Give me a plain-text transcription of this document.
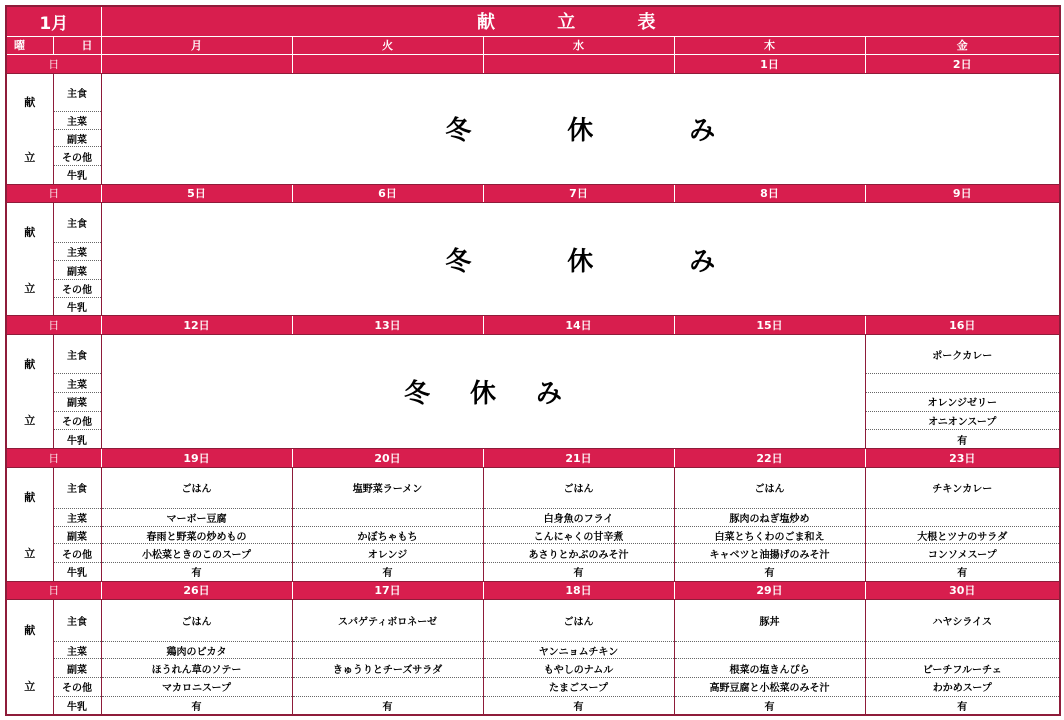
1月		献 立 表				
曜	日	月	火	水	木	金
日					1日	2日
献	主食	冬 休 み				
	主菜					
立	副菜					
	その他					
	牛乳					
日		5日	6日	7日	8日	9日
献	主食	冬 休 み				
	主菜					
立	副菜					
	その他					
	牛乳					
日		12日	13日	14日	15日	16日
献	主食	冬 休 み				ポークカレー
	主菜					
立	副菜					オレンジゼリー
	その他					オニオンスープ
	牛乳					有
日		19日	20日	21日	22日	23日
献	主食	ごはん	塩野菜ラーメン	ごはん	ごはん	チキンカレー
	主菜	マーボー豆腐		白身魚のフライ	豚肉のねぎ塩炒め	
立	副菜	春雨と野菜の炒めもの	かぼちゃもち	こんにゃくの甘辛煮	白菜とちくわのごま和え	大根とツナのサラダ
	その他	小松菜ときのこのスープ	オレンジ	あさりとかぶのみそ汁	キャベツと油揚げのみそ汁	コンソメスープ
	牛乳	有	有	有	有	有
日		26日	17日	18日	29日	30日
献	主食	ごはん	スパゲティボロネーゼ	ごはん	豚丼	ハヤシライス
	主菜	鶏肉のピカタ		ヤンニョムチキン		
立	副菜	ほうれん草のソテー	きゅうりとチーズサラダ	もやしのナムル	根菜の塩きんぴら	ピーチフルーチェ
	その他	マカロニスープ		たまごスープ	高野豆腐と小松菜のみそ汁	わかめスープ
	牛乳	有	有	有	有	有
